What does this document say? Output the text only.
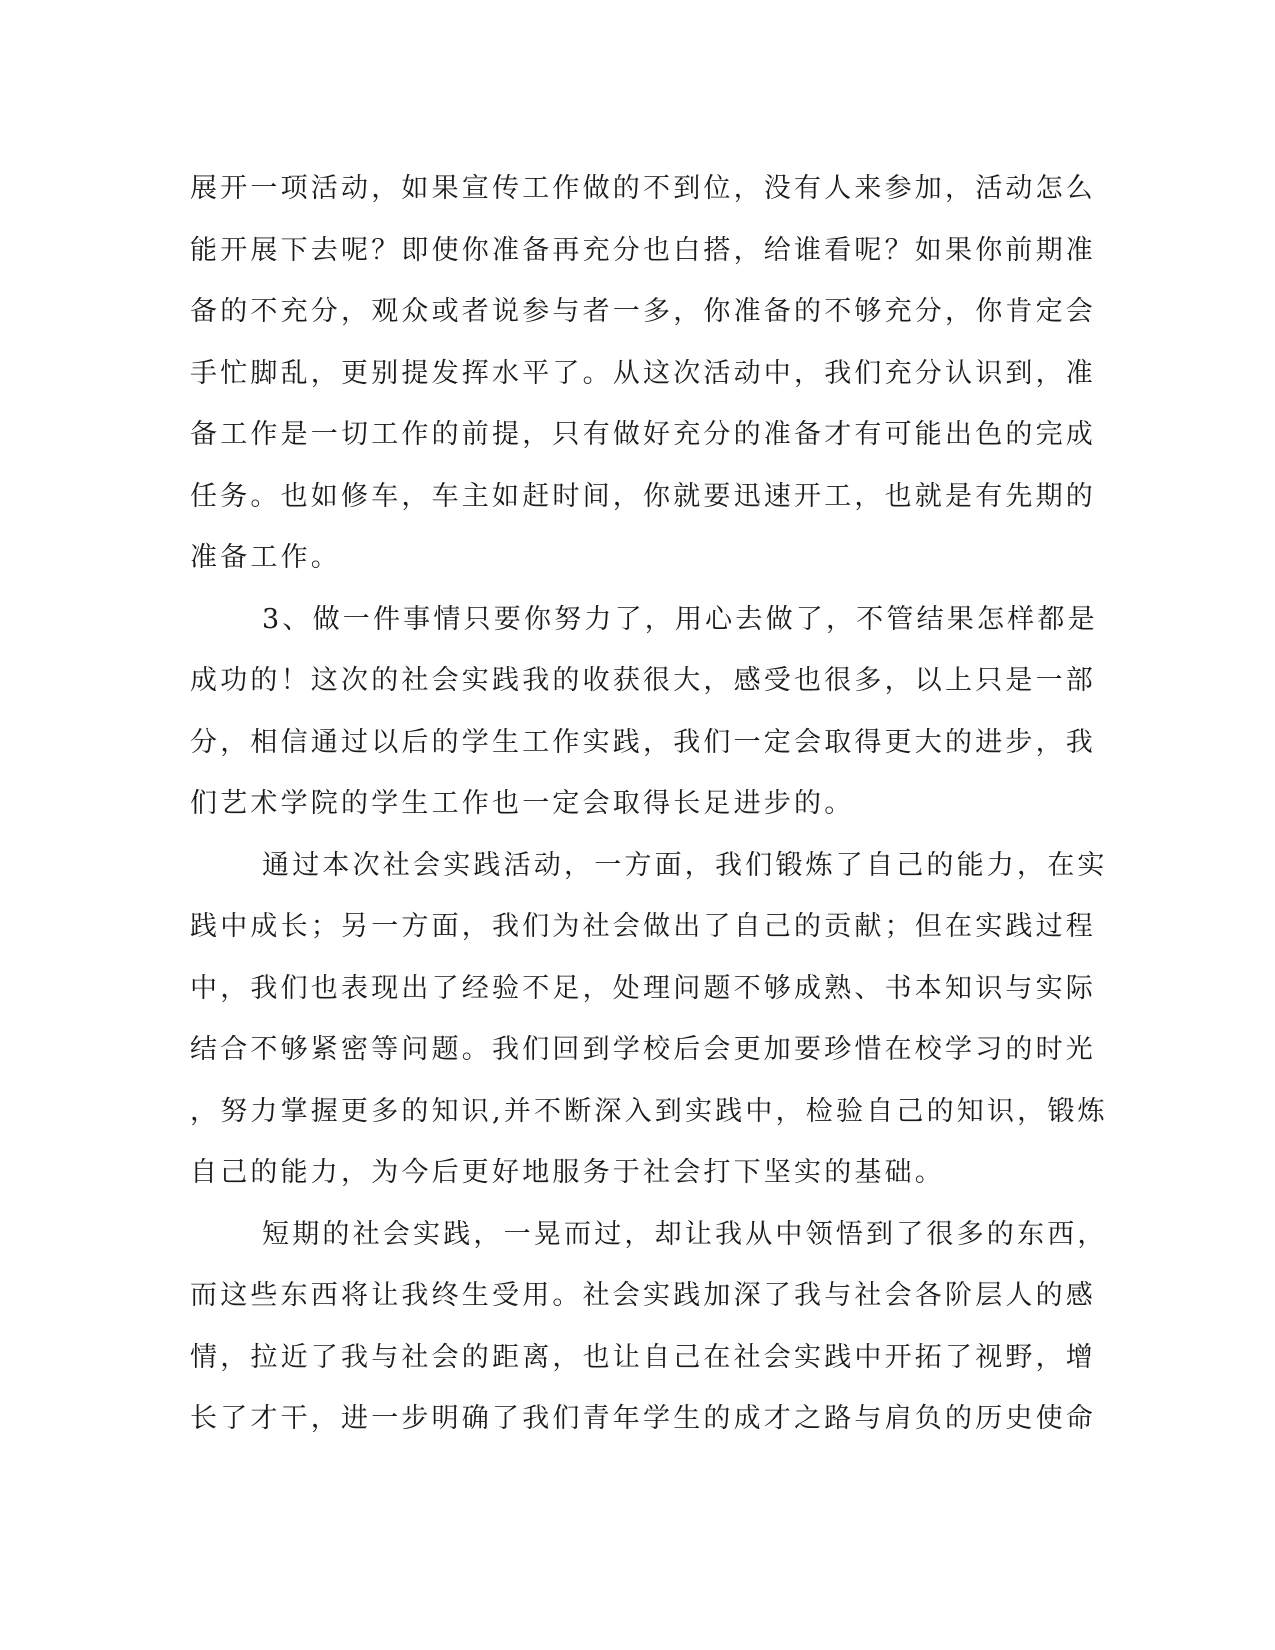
展开一项活动，如果宣传工作做的不到位，没有人来参加，活动怎么
能开展下去呢？即使你准备再充分也白搭，给谁看呢？如果你前期准
备的不充分，观众或者说参与者一多，你准备的不够充分，你肯定会
手忙脚乱，更别提发挥水平了。从这次活动中，我们充分认识到，准
备工作是一切工作的前提，只有做好充分的准备才有可能出色的完成
任务。也如修车，车主如赶时间，你就要迅速开工，也就是有先期的
准备工作。
3、做一件事情只要你努力了，用心去做了，不管结果怎样都是
成功的！这次的社会实践我的收获很大，感受也很多，以上只是一部
分，相信通过以后的学生工作实践，我们一定会取得更大的进步，我
们艺术学院的学生工作也一定会取得长足进步的。
通过本次社会实践活动，一方面，我们锻炼了自己的能力，在实
践中成长；另一方面，我们为社会做出了自己的贡献；但在实践过程
中，我们也表现出了经验不足，处理问题不够成熟、书本知识与实际
结合不够紧密等问题。我们回到学校后会更加要珍惜在校学习的时光
，努力掌握更多的知识,并不断深入到实践中，检验自己的知识，锻炼
自己的能力，为今后更好地服务于社会打下坚实的基础。
短期的社会实践，一晃而过，却让我从中领悟到了很多的东西，
而这些东西将让我终生受用。社会实践加深了我与社会各阶层人的感
情，拉近了我与社会的距离，也让自己在社会实践中开拓了视野，增
长了才干，进一步明确了我们青年学生的成才之路与肩负的历史使命
